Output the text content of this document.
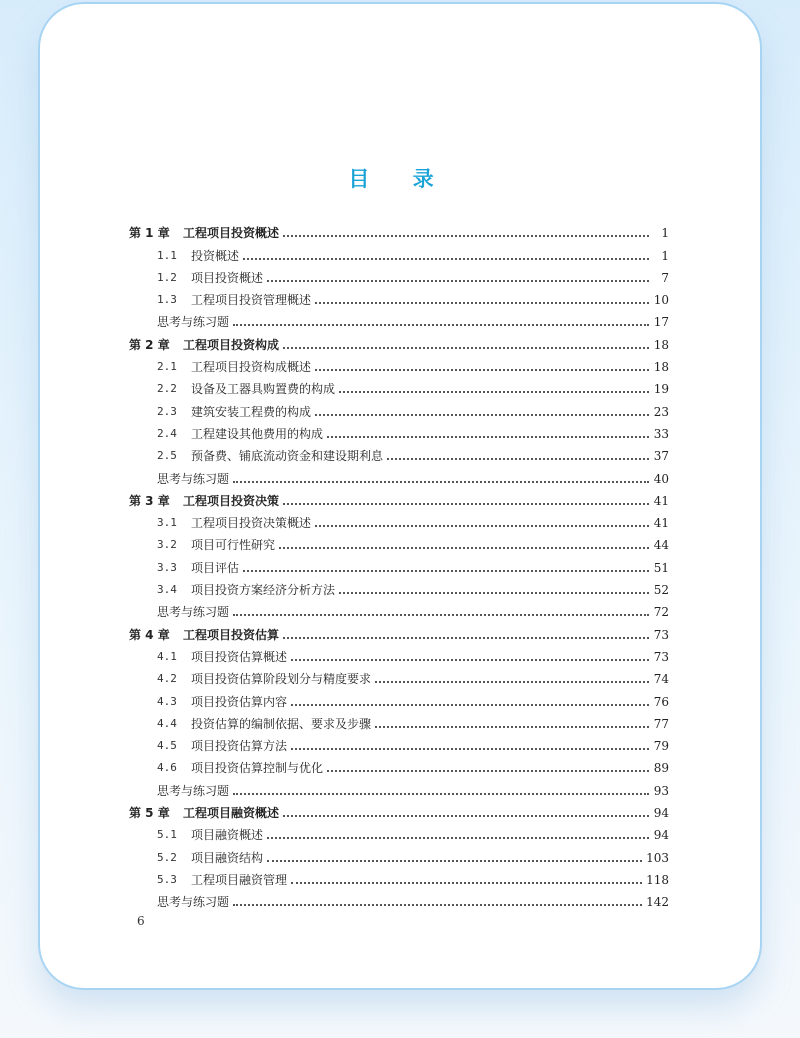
目 录
第 1 章	工程项目投资概述	1
1.1	投资概述	1
1.2	项目投资概述	7
1.3	工程项目投资管理概述	10
思考与练习题	17
第 2 章	工程项目投资构成	18
2.1	工程项目投资构成概述	18
2.2	设备及工器具购置费的构成	19
2.3	建筑安装工程费的构成	23
2.4	工程建设其他费用的构成	33
2.5	预备费、铺底流动资金和建设期利息	37
思考与练习题	40
第 3 章	工程项目投资决策	41
3.1	工程项目投资决策概述	41
3.2	项目可行性研究	44
3.3	项目评估	51
3.4	项目投资方案经济分析方法	52
思考与练习题	72
第 4 章	工程项目投资估算	73
4.1	项目投资估算概述	73
4.2	项目投资估算阶段划分与精度要求	74
4.3	项目投资估算内容	76
4.4	投资估算的编制依据、要求及步骤	77
4.5	项目投资估算方法	79
4.6	项目投资估算控制与优化	89
思考与练习题	93
第 5 章	工程项目融资概述	94
5.1	项目融资概述	94
5.2	项目融资结构	103
5.3	工程项目融资管理	118
思考与练习题	142
6
